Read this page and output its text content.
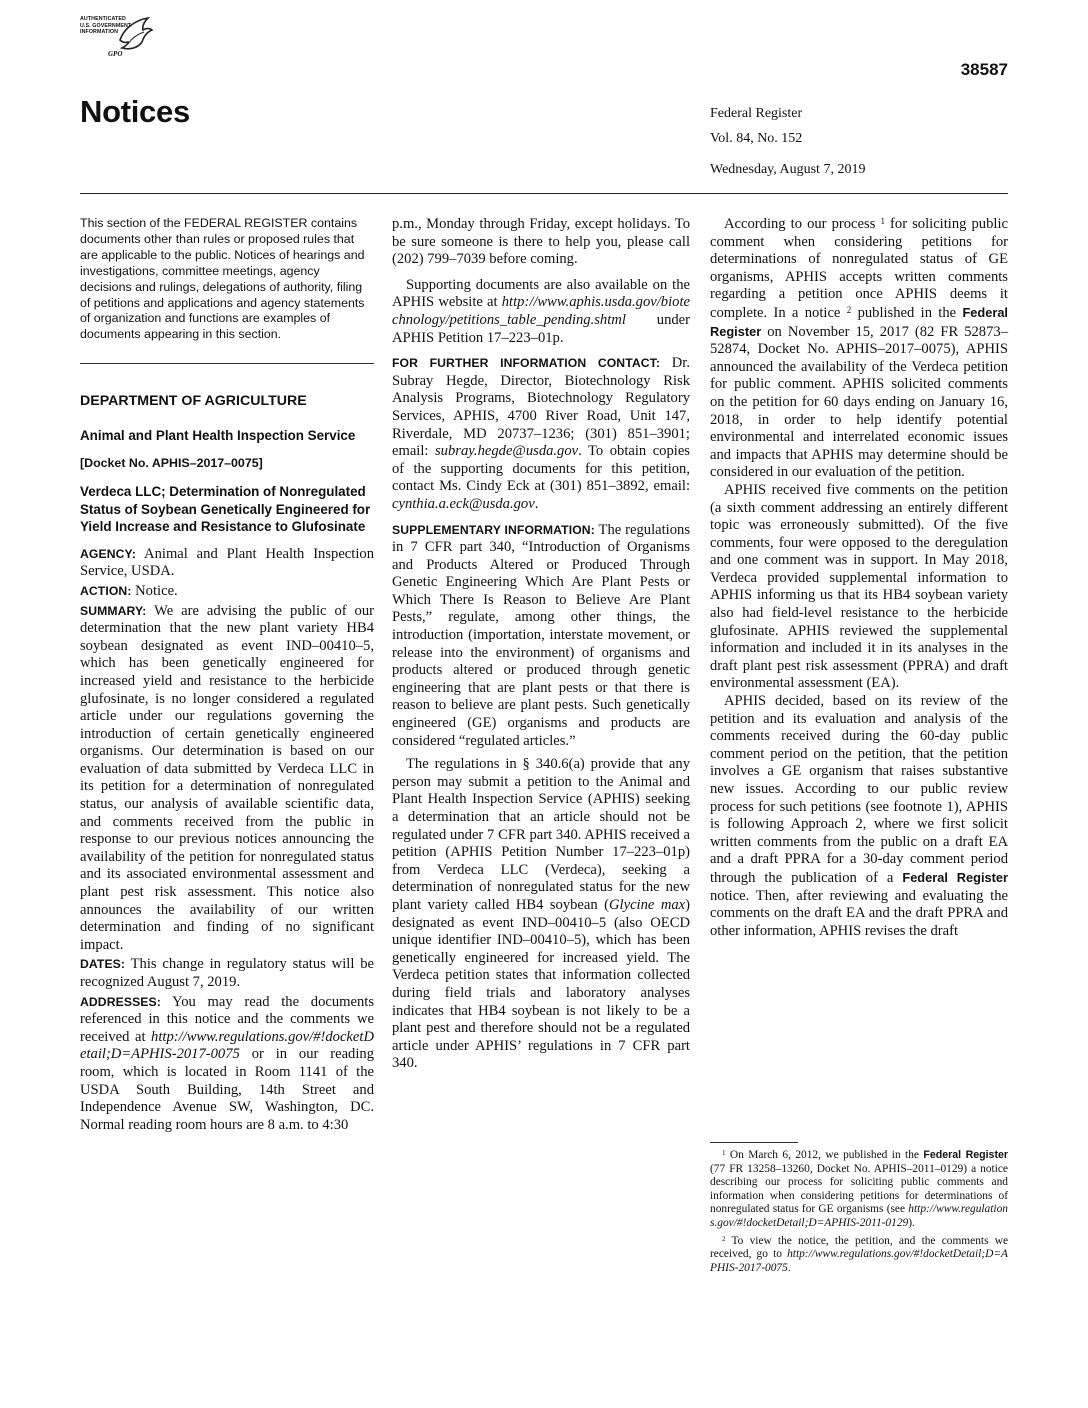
AUTHENTICATED
U.S. GOVERNMENT
INFORMATION
GPO
38587
Notices	Federal Register
Vol. 84, No. 152
Wednesday, August 7, 2019

This section of the FEDERAL REGISTER contains documents other than rules or proposed rules that are applicable to the public. Notices of hearings and investigations, committee meetings, agency decisions and rulings, delegations of authority, filing of petitions and applications and agency statements of organization and functions are examples of documents appearing in this section.

DEPARTMENT OF AGRICULTURE
Animal and Plant Health Inspection Service
[Docket No. APHIS–2017–0075]
Verdeca LLC; Determination of Nonregulated Status of Soybean Genetically Engineered for Yield Increase and Resistance to Glufosinate

AGENCY: Animal and Plant Health Inspection Service, USDA.

ACTION: Notice.

SUMMARY: We are advising the public of our determination that the new plant variety HB4 soybean designated as event IND–00410–5, which has been genetically engineered for increased yield and resistance to the herbicide glufosinate, is no longer considered a regulated article under our regulations governing the introduction of certain genetically engineered organisms. Our determination is based on our evaluation of data submitted by Verdeca LLC in its petition for a determination of nonregulated status, our analysis of available scientific data, and comments received from the public in response to our previous notices announcing the availability of the petition for nonregulated status and its associated environmental assessment and plant pest risk assessment. This notice also announces the availability of our written determination and finding of no significant impact.

DATES: This change in regulatory status will be recognized August 7, 2019.

ADDRESSES: You may read the documents referenced in this notice and the comments we received at http://www.regulations.gov/#!docketDetail;D=APHIS-2017-0075 or in our reading room, which is located in Room 1141 of the USDA South Building, 14th Street and Independence Avenue SW, Washington, DC. Normal reading room hours are 8 a.m. to 4:30

p.m., Monday through Friday, except holidays. To be sure someone is there to help you, please call (202) 799–7039 before coming.

Supporting documents are also available on the APHIS website at http://www.aphis.usda.gov/biotechnology/petitions_table_pending.shtml under APHIS Petition 17–223–01p.

FOR FURTHER INFORMATION CONTACT: Dr. Subray Hegde, Director, Biotechnology Risk Analysis Programs, Biotechnology Regulatory Services, APHIS, 4700 River Road, Unit 147, Riverdale, MD 20737–1236; (301) 851–3901; email: subray.hegde@usda.gov. To obtain copies of the supporting documents for this petition, contact Ms. Cindy Eck at (301) 851–3892, email: cynthia.a.eck@usda.gov.

SUPPLEMENTARY INFORMATION: The regulations in 7 CFR part 340, “Introduction of Organisms and Products Altered or Produced Through Genetic Engineering Which Are Plant Pests or Which There Is Reason to Believe Are Plant Pests,” regulate, among other things, the introduction (importation, interstate movement, or release into the environment) of organisms and products altered or produced through genetic engineering that are plant pests or that there is reason to believe are plant pests. Such genetically engineered (GE) organisms and products are considered “regulated articles.”

The regulations in § 340.6(a) provide that any person may submit a petition to the Animal and Plant Health Inspection Service (APHIS) seeking a determination that an article should not be regulated under 7 CFR part 340. APHIS received a petition (APHIS Petition Number 17–223–01p) from Verdeca LLC (Verdeca), seeking a determination of nonregulated status for the new plant variety called HB4 soybean (Glycine max) designated as event IND–00410–5 (also OECD unique identifier IND–00410–5), which has been genetically engineered for increased yield. The Verdeca petition states that information collected during field trials and laboratory analyses indicates that HB4 soybean is not likely to be a plant pest and therefore should not be a regulated article under APHIS’ regulations in 7 CFR part 340.

According to our process $^1$ for soliciting public comment when considering petitions for determinations of nonregulated status of GE organisms, APHIS accepts written comments regarding a petition once APHIS deems it complete. In a notice $^2$ published in the Federal Register on November 15, 2017 (82 FR 52873–52874, Docket No. APHIS–2017–0075), APHIS announced the availability of the Verdeca petition for public comment. APHIS solicited comments on the petition for 60 days ending on January 16, 2018, in order to help identify potential environmental and interrelated economic issues and impacts that APHIS may determine should be considered in our evaluation of the petition.

APHIS received five comments on the petition (a sixth comment addressing an entirely different topic was erroneously submitted). Of the five comments, four were opposed to the deregulation and one comment was in support. In May 2018, Verdeca provided supplemental information to APHIS informing us that its HB4 soybean variety also had field-level resistance to the herbicide glufosinate. APHIS reviewed the supplemental information and included it in its analyses in the draft plant pest risk assessment (PPRA) and draft environmental assessment (EA).

APHIS decided, based on its review of the petition and its evaluation and analysis of the comments received during the 60-day public comment period on the petition, that the petition involves a GE organism that raises substantive new issues. According to our public review process for such petitions (see footnote 1), APHIS is following Approach 2, where we first solicit written comments from the public on a draft EA and a draft PPRA for a 30-day comment period through the publication of a Federal Register notice. Then, after reviewing and evaluating the comments on the draft EA and the draft PPRA and other information, APHIS revises the draft

$^1$ On March 6, 2012, we published in the Federal Register (77 FR 13258–13260, Docket No. APHIS–2011–0129) a notice describing our process for soliciting public comments and information when considering petitions for determinations of nonregulated status for GE organisms (see http://www.regulations.gov/#!docketDetail;D=APHIS-2011-0129).

$^2$ To view the notice, the petition, and the comments we received, go to http://www.regulations.gov/#!docketDetail;D=APHIS-2017-0075.
